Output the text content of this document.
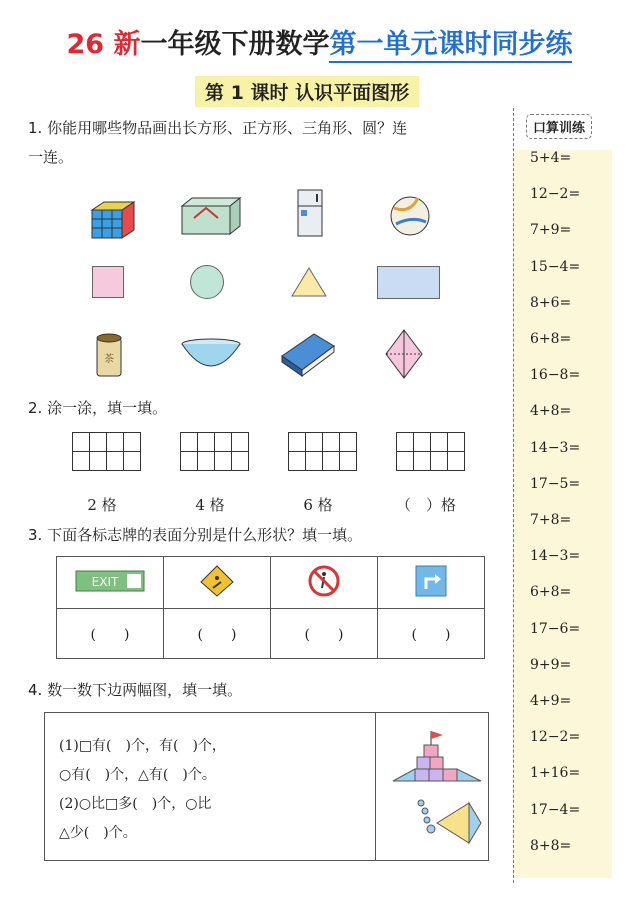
26 新一年级下册数学第一单元课时同步练
第 1 课时 认识平面图形
1. 你能用哪些物品画出长方形、正方形、三角形、圆？连
一连。
茶
2. 涂一涂，填一填。

2 格	4 格	6 格	（　）格
3. 下面各标志牌的表面分别是什么形状？填一填。
EXIT

(　　)	(　　)	(　　)	(　　)
4. 数一数下边两幅图，填一填。
(1)□有(　)个，有(　)个，
○有(　)个，△有(　)个。
(2)○比□多(　)个，○比
△少(　)个。
口算训练
5+4=
12−2=
7+9=
15−4=
8+6=
6+8=
16−8=
4+8=
14−3=
17−5=
7+8=
14−3=
6+8=
17−6=
9+9=
4+9=
12−2=
1+16=
17−4=
8+8=
